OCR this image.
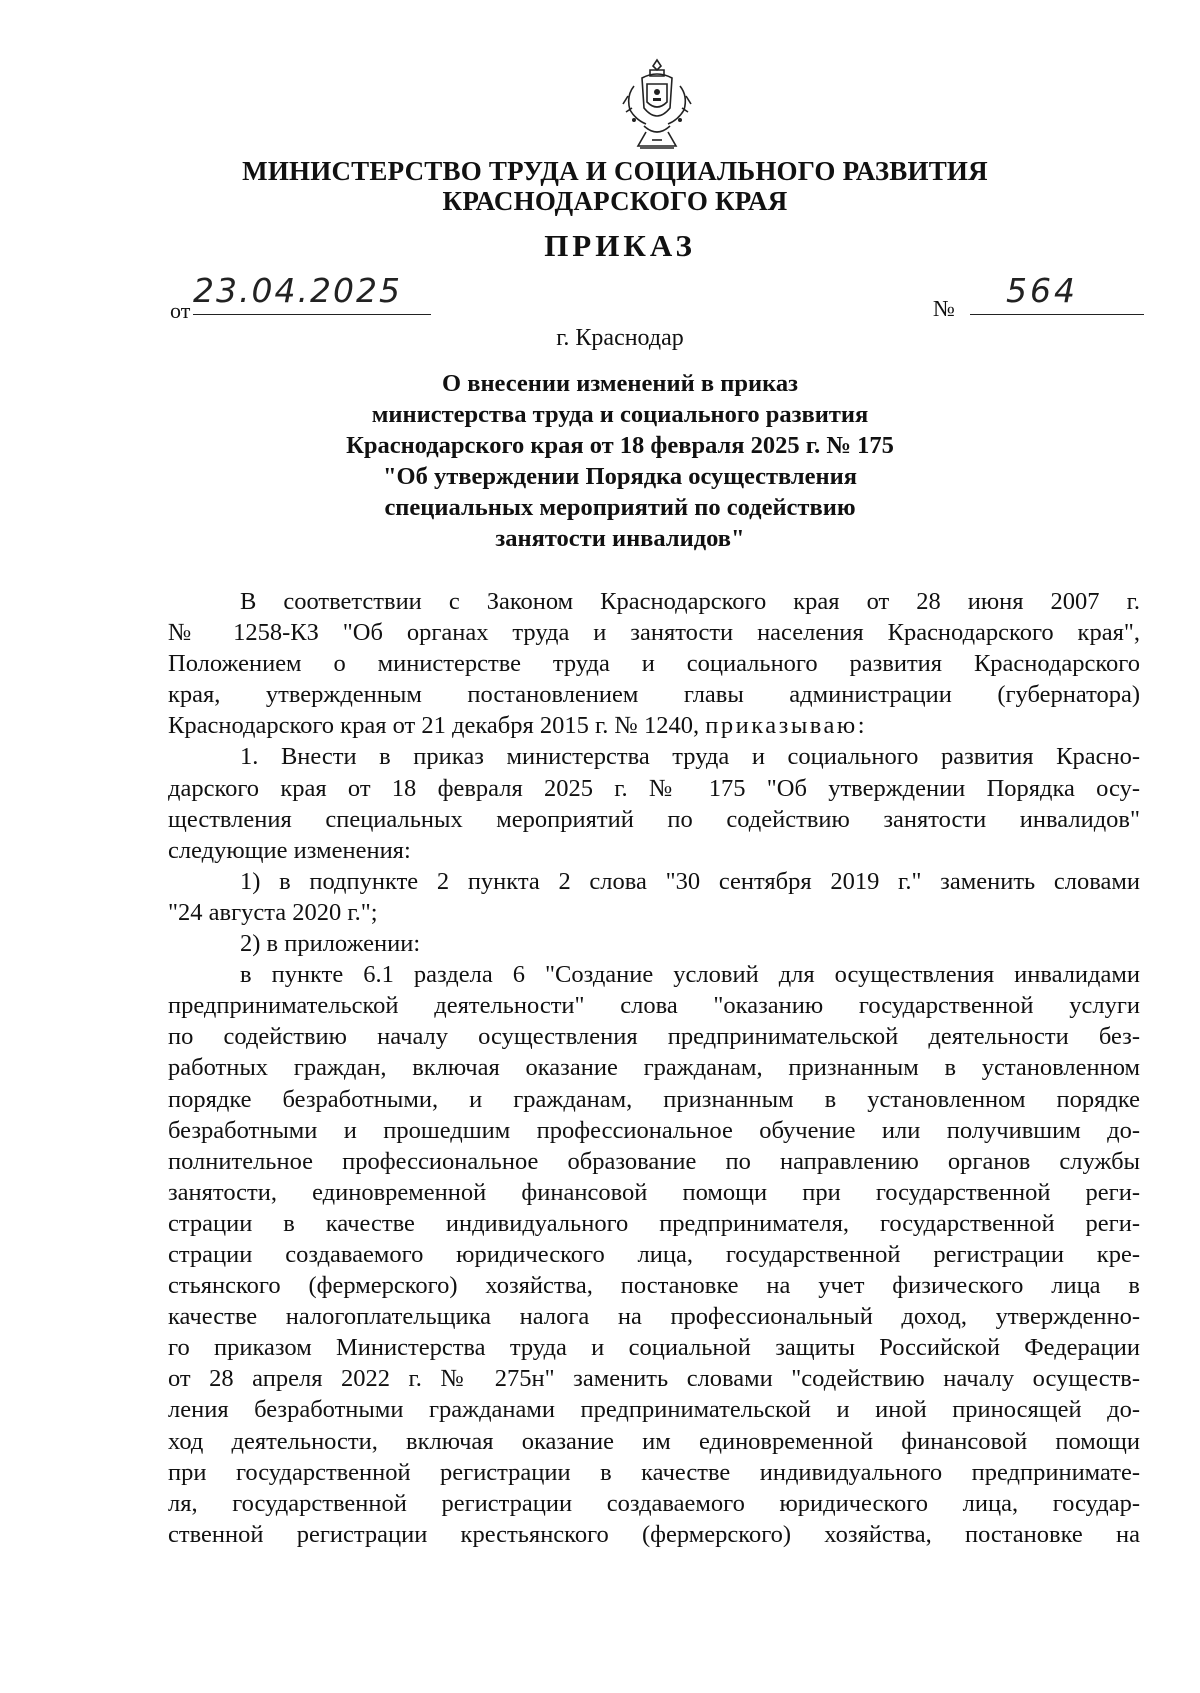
МИНИСТЕРСТВО ТРУДА И СОЦИАЛЬНОГО РАЗВИТИЯ
КРАСНОДАРСКОГО КРАЯ
ПРИКАЗ
от
23.04.2025	№	564
г. Краснодар
О внесении изменений в приказ
министерства труда и социального развития
Краснодарского края от 18 февраля 2025 г. № 175
"Об утверждении Порядка осуществления
специальных мероприятий по содействию
занятости инвалидов"
В соответствии с Законом Краснодарского края от 28 июня 2007 г.
№ 1258-КЗ "Об органах труда и занятости населения Краснодарского края",
Положением о министерстве труда и социального развития Краснодарского
края, утвержденным постановлением главы администрации (губернатора)
Краснодарского края от 21 декабря 2015 г. № 1240, приказываю:
1. Внести в приказ министерства труда и социального развития Красно-
дарского края от 18 февраля 2025 г. № 175 "Об утверждении Порядка осу-
ществления специальных мероприятий по содействию занятости инвалидов"
следующие изменения:
1) в подпункте 2 пункта 2 слова "30 сентября 2019 г." заменить словами
"24 августа 2020 г.";
2) в приложении:
в пункте 6.1 раздела 6 "Создание условий для осуществления инвалидами
предпринимательской деятельности" слова "оказанию государственной услуги
по содействию началу осуществления предпринимательской деятельности без-
работных граждан, включая оказание гражданам, признанным в установленном
порядке безработными, и гражданам, признанным в установленном порядке
безработными и прошедшим профессиональное обучение или получившим до-
полнительное профессиональное образование по направлению органов службы
занятости, единовременной финансовой помощи при государственной реги-
страции в качестве индивидуального предпринимателя, государственной реги-
страции создаваемого юридического лица, государственной регистрации кре-
стьянского (фермерского) хозяйства, постановке на учет физического лица в
качестве налогоплательщика налога на профессиональный доход, утвержденно-
го приказом Министерства труда и социальной защиты Российской Федерации
от 28 апреля 2022 г. № 275н" заменить словами "содействию началу осуществ-
ления безработными гражданами предпринимательской и иной приносящей до-
ход деятельности, включая оказание им единовременной финансовой помощи
при государственной регистрации в качестве индивидуального предпринимате-
ля, государственной регистрации создаваемого юридического лица, государ-
ственной регистрации крестьянского (фермерского) хозяйства, постановке на
